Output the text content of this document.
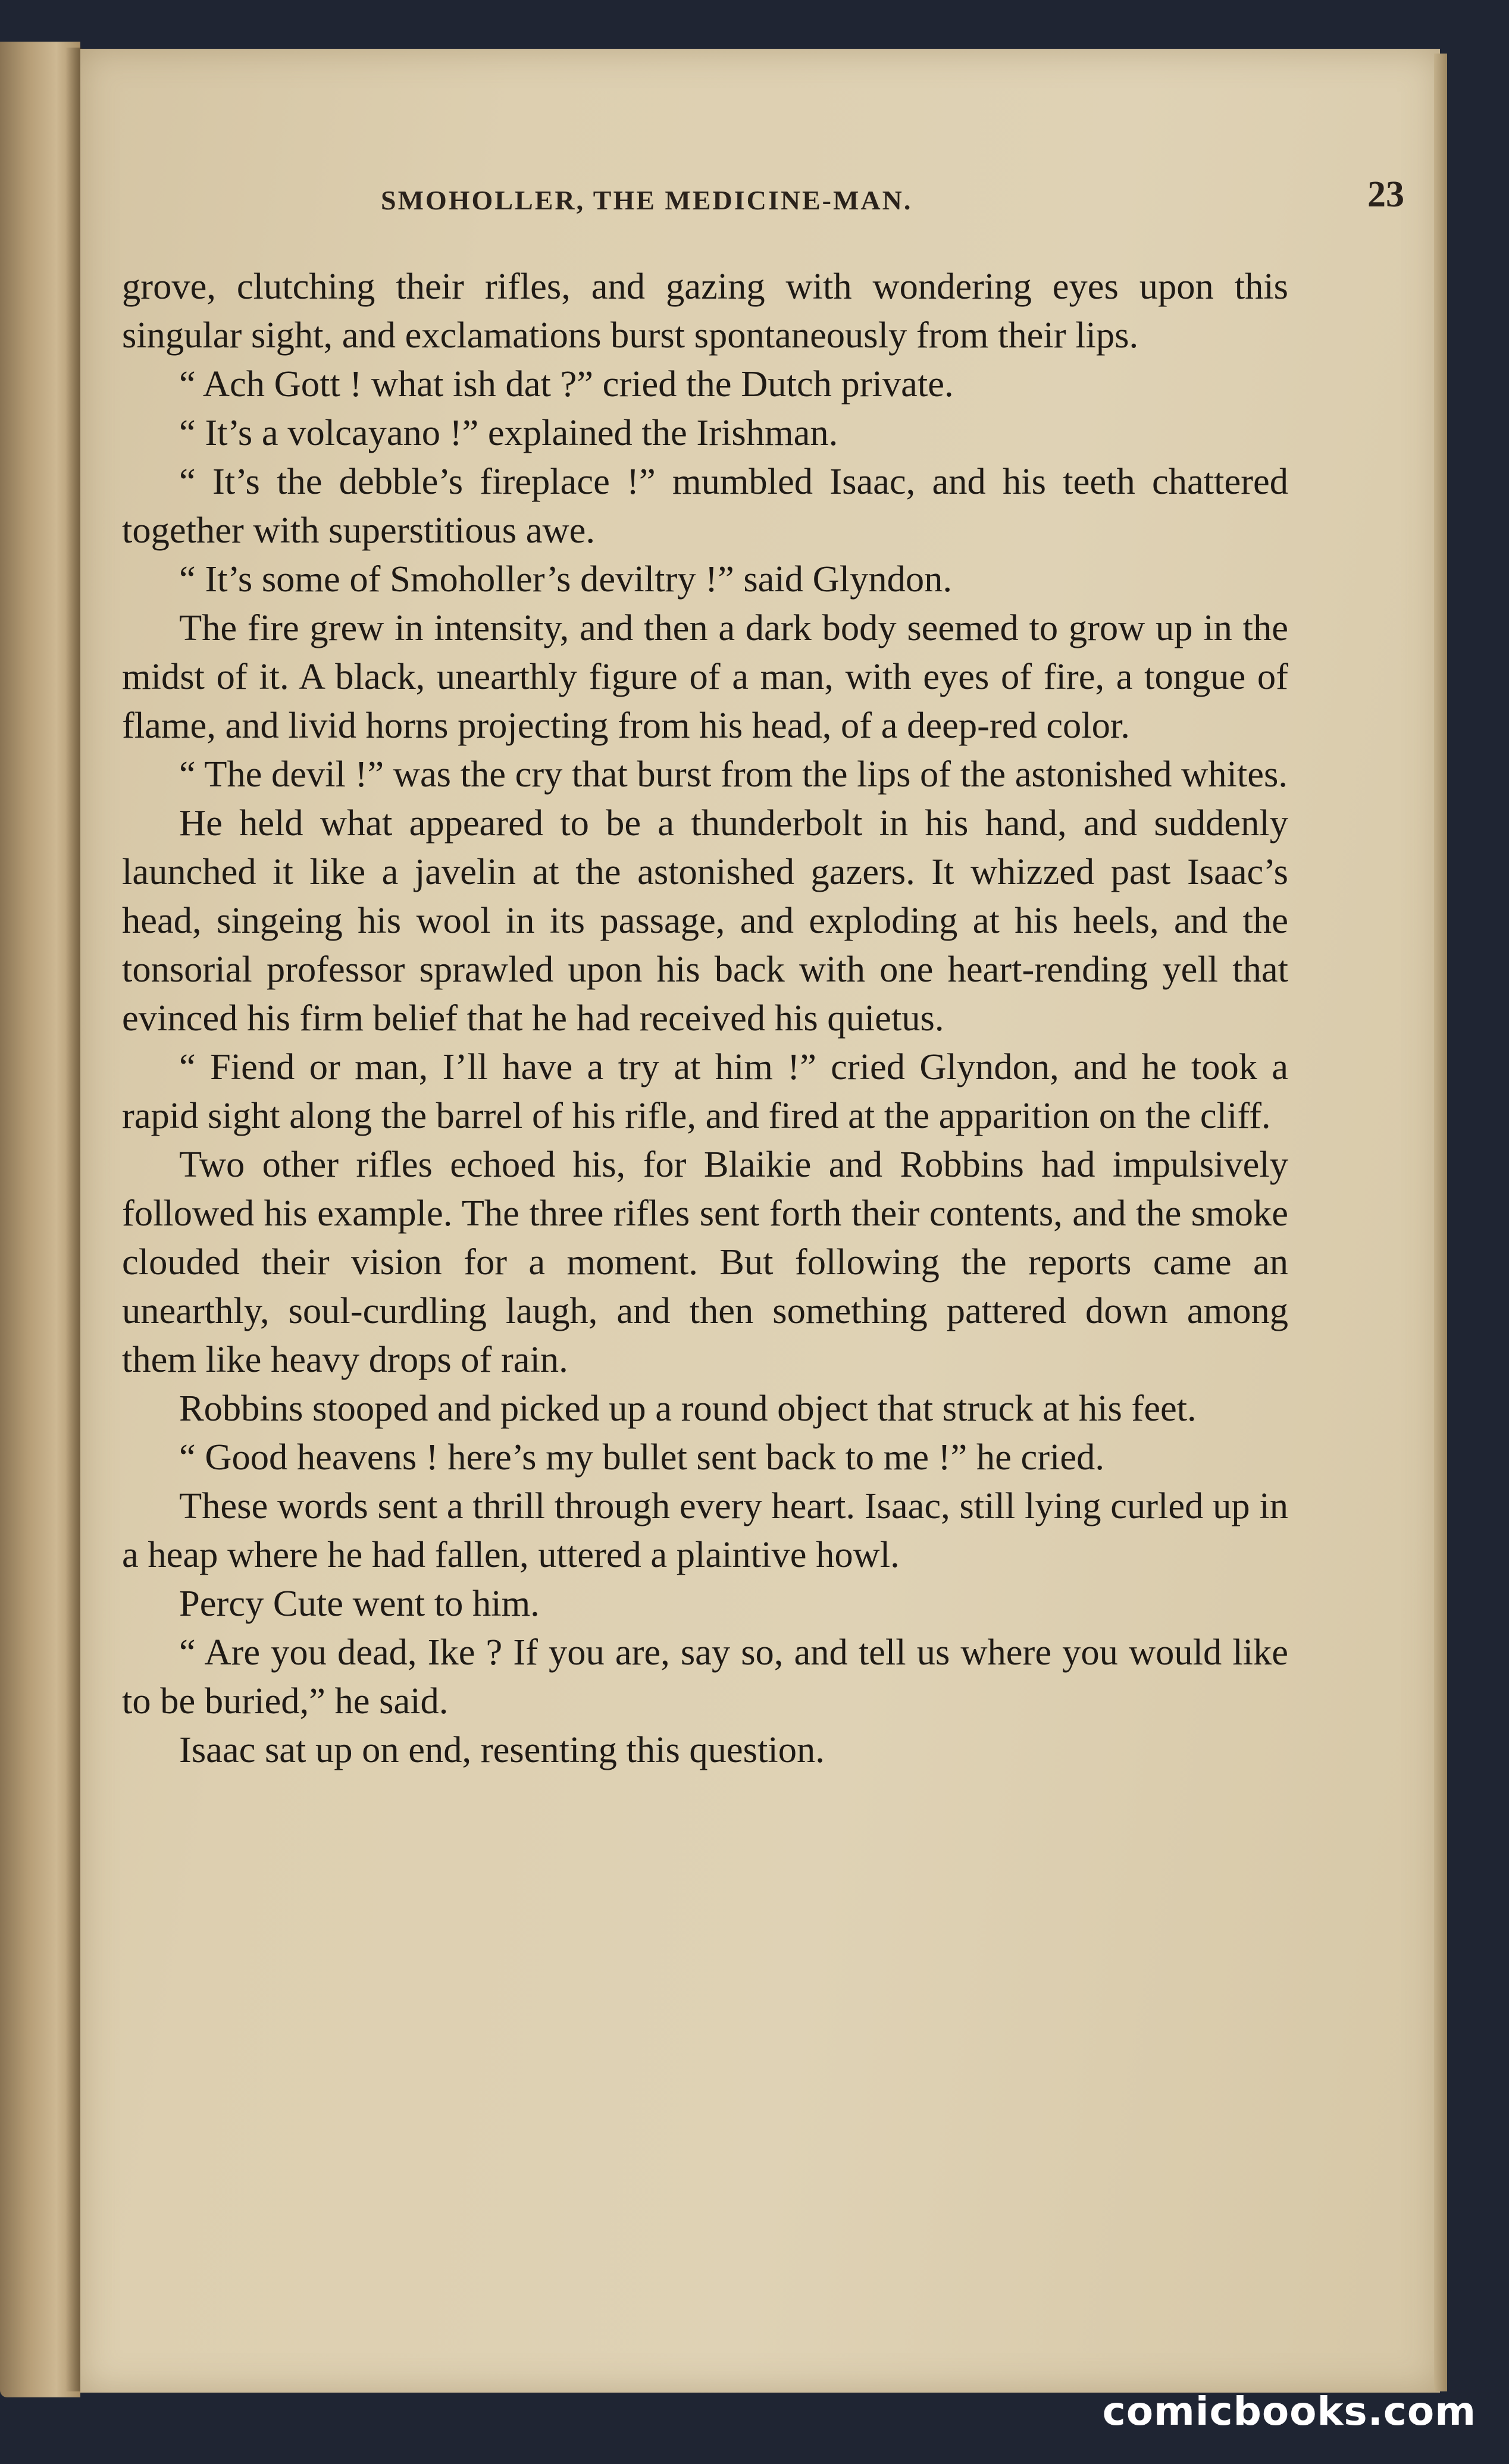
SMOHOLLER, THE MEDICINE-MAN.	23

grove, clutching their rifles, and gazing with wondering eyes upon this singular sight, and exclamations burst spontaneously from their lips.

“ Ach Gott ! what ish dat ?” cried the Dutch private.

“ It’s a volcayano !” explained the Irishman.

“ It’s the debble’s fireplace !” mumbled Isaac, and his teeth chattered together with superstitious awe.

“ It’s some of Smoholler’s deviltry !” said Glyndon.

The fire grew in intensity, and then a dark body seemed to grow up in the midst of it. A black, unearthly figure of a man, with eyes of fire, a tongue of flame, and livid horns projecting from his head, of a deep-red color.

“ The devil !” was the cry that burst from the lips of the astonished whites.

He held what appeared to be a thunderbolt in his hand, and suddenly launched it like a javelin at the astonished gazers. It whizzed past Isaac’s head, singeing his wool in its passage, and exploding at his heels, and the tonsorial professor sprawled upon his back with one heart-rending yell that evinced his firm belief that he had received his quietus.

“ Fiend or man, I’ll have a try at him !” cried Glyndon, and he took a rapid sight along the barrel of his rifle, and fired at the apparition on the cliff.

Two other rifles echoed his, for Blaikie and Robbins had impulsively followed his example. The three rifles sent forth their contents, and the smoke clouded their vision for a moment. But following the reports came an unearthly, soul-curdling laugh, and then something pattered down among them like heavy drops of rain.

Robbins stooped and picked up a round object that struck at his feet.

“ Good heavens ! here’s my bullet sent back to me !” he cried.

These words sent a thrill through every heart. Isaac, still lying curled up in a heap where he had fallen, uttered a plaintive howl.

Percy Cute went to him.

“ Are you dead, Ike ? If you are, say so, and tell us where you would like to be buried,” he said.

Isaac sat up on end, resenting this question.

comicbooks.com
